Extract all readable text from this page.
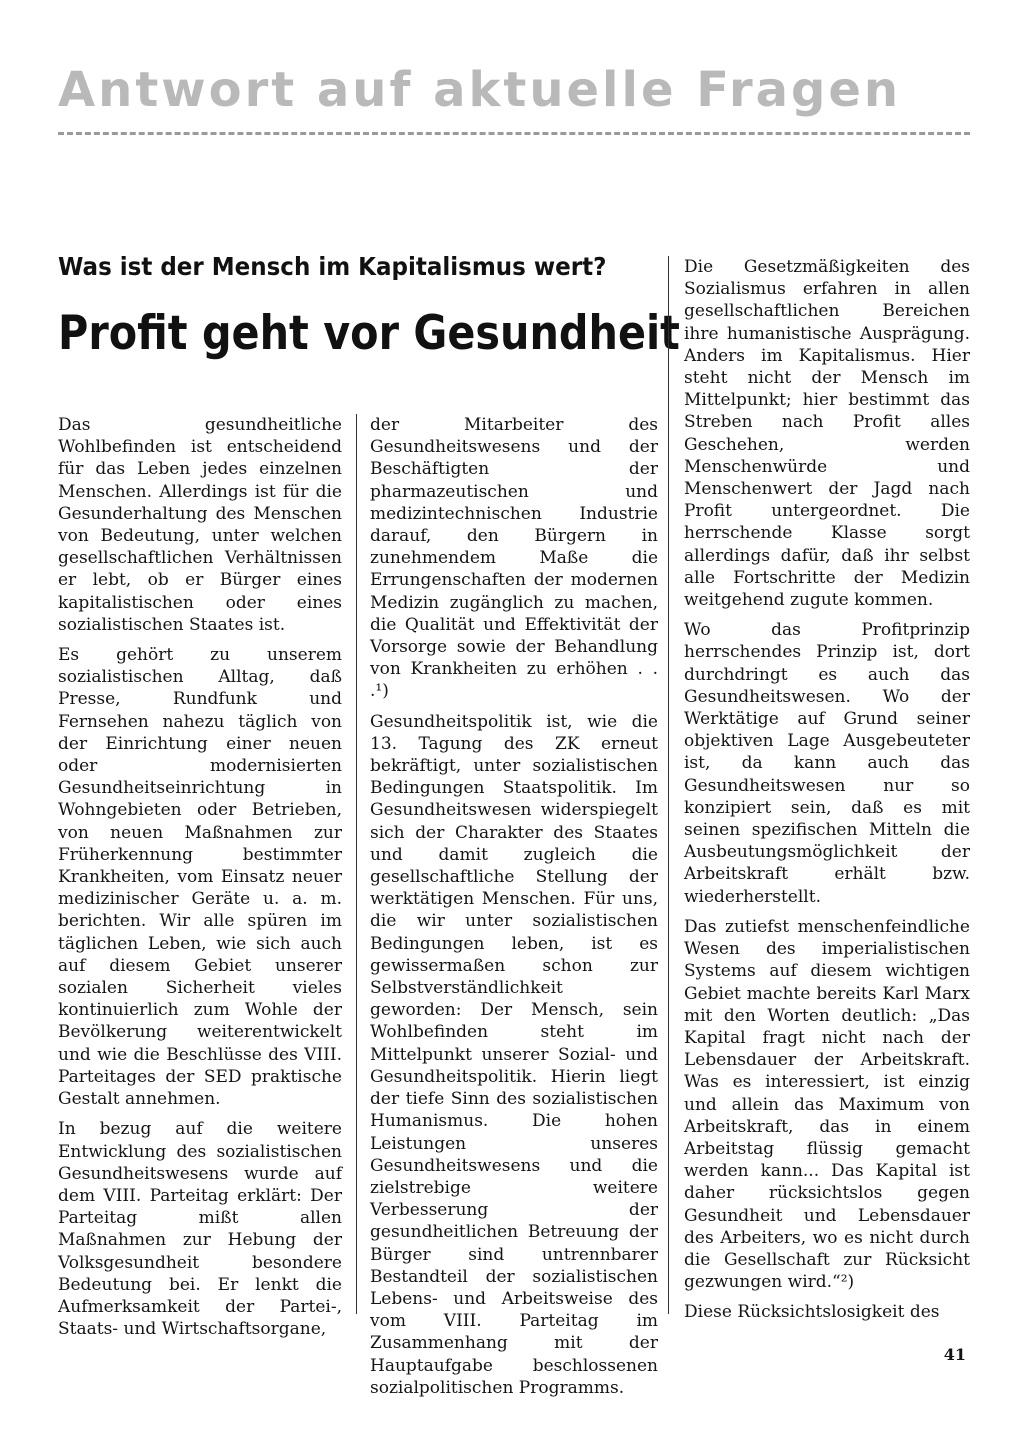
Antwort auf aktuelle Fragen
Was ist der Mensch im Kapitalismus wert?
Profit geht vor Gesundheit

Das gesundheitliche Wohlbefinden ist entscheidend für das Leben jedes einzelnen Menschen. Allerdings ist für die Gesunderhaltung des Menschen von Bedeutung, unter welchen gesellschaftlichen Verhältnissen er lebt, ob er Bürger eines kapitalistischen oder eines sozialistischen Staates ist.

Es gehört zu unserem sozialistischen Alltag, daß Presse, Rundfunk und Fernsehen nahezu täglich von der Einrichtung einer neuen oder modernisierten Gesundheitseinrichtung in Wohngebieten oder Betrieben, von neuen Maßnahmen zur Früherkennung bestimmter Krankheiten, vom Einsatz neuer medizinischer Geräte u. a. m. berichten. Wir alle spüren im täglichen Leben, wie sich auch auf diesem Gebiet unserer sozialen Sicherheit vieles kontinuierlich zum Wohle der Bevölkerung weiterentwickelt und wie die Beschlüsse des VIII. Parteitages der SED praktische Gestalt annehmen.

In bezug auf die weitere Entwicklung des sozialistischen Gesundheitswesens wurde auf dem VIII. Parteitag erklärt: Der Parteitag mißt allen Maßnahmen zur Hebung der Volksgesundheit besondere Bedeutung bei. Er lenkt die Aufmerksamkeit der Partei-, Staats- und Wirtschaftsorgane,

der Mitarbeiter des Gesundheitswesens und der Beschäftigten der pharmazeutischen und medizintechnischen Industrie darauf, den Bürgern in zunehmendem Maße die Errungenschaften der modernen Medizin zugänglich zu machen, die Qualität und Effektivität der Vorsorge sowie der Behandlung von Krankheiten zu erhöhen . . .¹)

Gesundheitspolitik ist, wie die 13. Tagung des ZK erneut bekräftigt, unter sozialistischen Bedingungen Staatspolitik. Im Gesundheitswesen widerspiegelt sich der Charakter des Staates und damit zugleich die gesellschaftliche Stellung der werktätigen Menschen. Für uns, die wir unter sozialistischen Bedingungen leben, ist es gewissermaßen schon zur Selbstverständlichkeit geworden: Der Mensch, sein Wohlbefinden steht im Mittelpunkt unserer Sozial- und Gesundheitspolitik. Hierin liegt der tiefe Sinn des sozialistischen Humanismus. Die hohen Leistungen unseres Gesundheitswesens und die zielstrebige weitere Verbesserung der gesundheitlichen Betreuung der Bürger sind untrennbarer Bestandteil der sozialistischen Lebens- und Arbeitsweise des vom VIII. Parteitag im Zusammenhang mit der Hauptaufgabe beschlossenen sozialpolitischen Programms.

Die Gesetzmäßigkeiten des Sozialismus erfahren in allen gesellschaftlichen Bereichen ihre humanistische Ausprägung. Anders im Kapitalismus. Hier steht nicht der Mensch im Mittelpunkt; hier bestimmt das Streben nach Profit alles Geschehen, werden Menschenwürde und Menschenwert der Jagd nach Profit untergeordnet. Die herrschende Klasse sorgt allerdings dafür, daß ihr selbst alle Fortschritte der Medizin weitgehend zugute kommen.

Wo das Profitprinzip herrschendes Prinzip ist, dort durchdringt es auch das Gesundheitswesen. Wo der Werktätige auf Grund seiner objektiven Lage Ausgebeuteter ist, da kann auch das Gesundheitswesen nur so konzipiert sein, daß es mit seinen spezifischen Mitteln die Ausbeutungsmöglichkeit der Arbeitskraft erhält bzw. wiederherstellt.

Das zutiefst menschenfeindliche Wesen des imperialistischen Systems auf diesem wichtigen Gebiet machte bereits Karl Marx mit den Worten deutlich: „Das Kapital fragt nicht nach der Lebensdauer der Arbeitskraft. Was es interessiert, ist einzig und allein das Maximum von Arbeitskraft, das in einem Arbeitstag flüssig gemacht werden kann... Das Kapital ist daher rücksichtslos gegen Gesundheit und Lebensdauer des Arbeiters, wo es nicht durch die Gesellschaft zur Rücksicht gezwungen wird.“²)

Diese Rücksichtslosigkeit des

41
